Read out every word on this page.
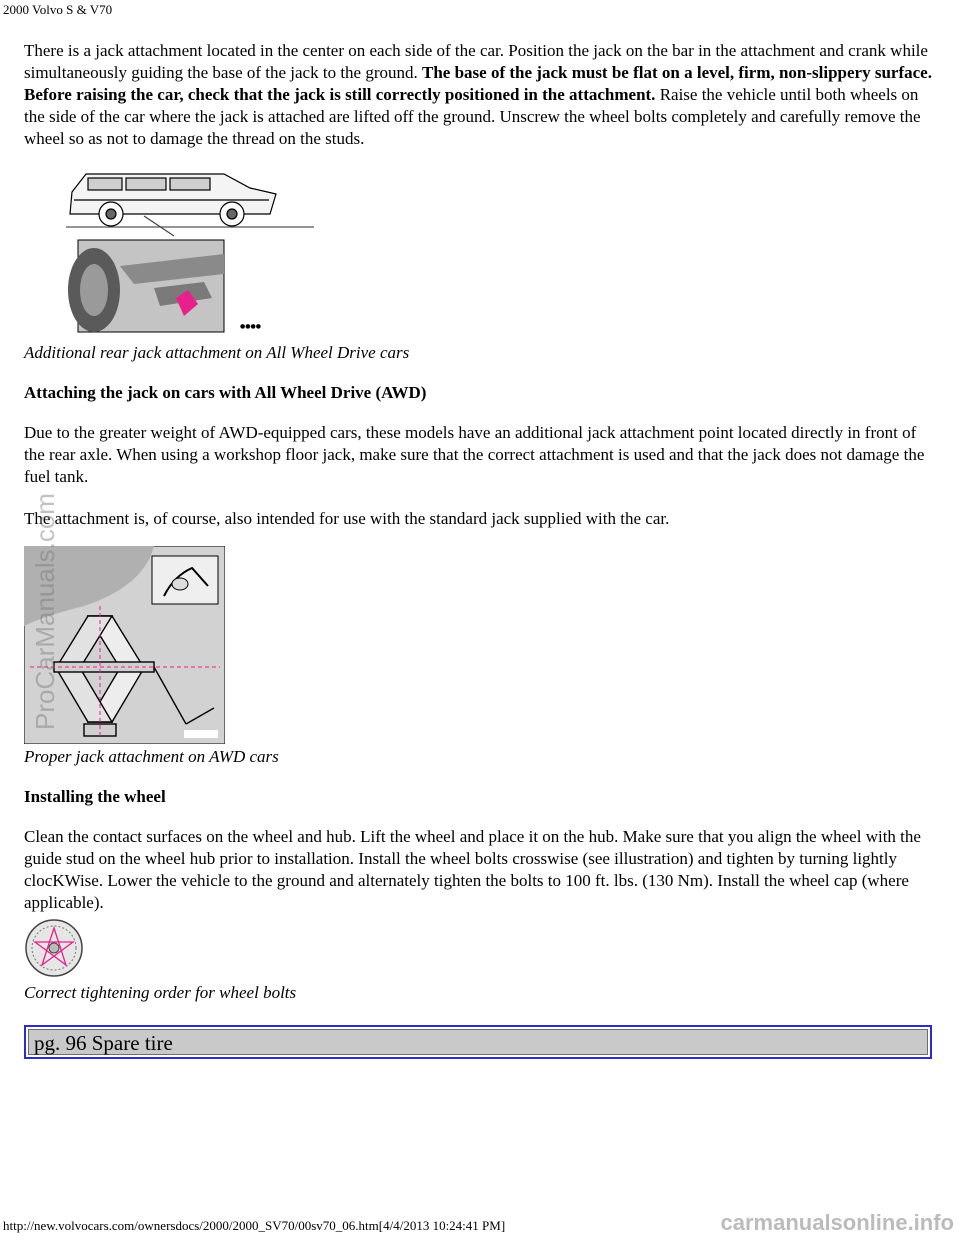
2000 Volvo S & V70

There is a jack attachment located in the center on each side of the car. Position the jack on the bar in the attachment and crank while simultaneously guiding the base of the jack to the ground. The base of the jack must be flat on a level, firm, non-slippery surface. Before raising the car, check that the jack is still correctly positioned in the attachment. Raise the vehicle until both wheels on the side of the car where the jack is attached are lifted off the ground. Unscrew the wheel bolts completely and carefully remove the wheel so as not to damage the thread on the studs.

●●●●

Additional rear jack attachment on All Wheel Drive cars

Attaching the jack on cars with All Wheel Drive (AWD)

Due to the greater weight of AWD-equipped cars, these models have an additional jack attachment point located directly in front of the rear axle. When using a workshop floor jack, make sure that the correct attachment is used and that the jack does not damage the fuel tank.

The attachment is, of course, also intended for use with the standard jack supplied with the car.

Proper jack attachment on AWD cars

Installing the wheel

Clean the contact surfaces on the wheel and hub. Lift the wheel and place it on the hub. Make sure that you align the wheel with the guide stud on the wheel hub prior to installation. Install the wheel bolts crosswise (see illustration) and tighten by turning lightly clocKWise. Lower the vehicle to the ground and alternately tighten the bolts to 100 ft. lbs. (130 Nm). Install the wheel cap (where applicable).

Correct tightening order for wheel bolts

pg. 96 Spare tire
http://new.volvocars.com/ownersdocs/2000/2000_SV70/00sv70_06.htm[4/4/2013 10:24:41 PM]
ProCarManuals.com
carmanualsonline.info
